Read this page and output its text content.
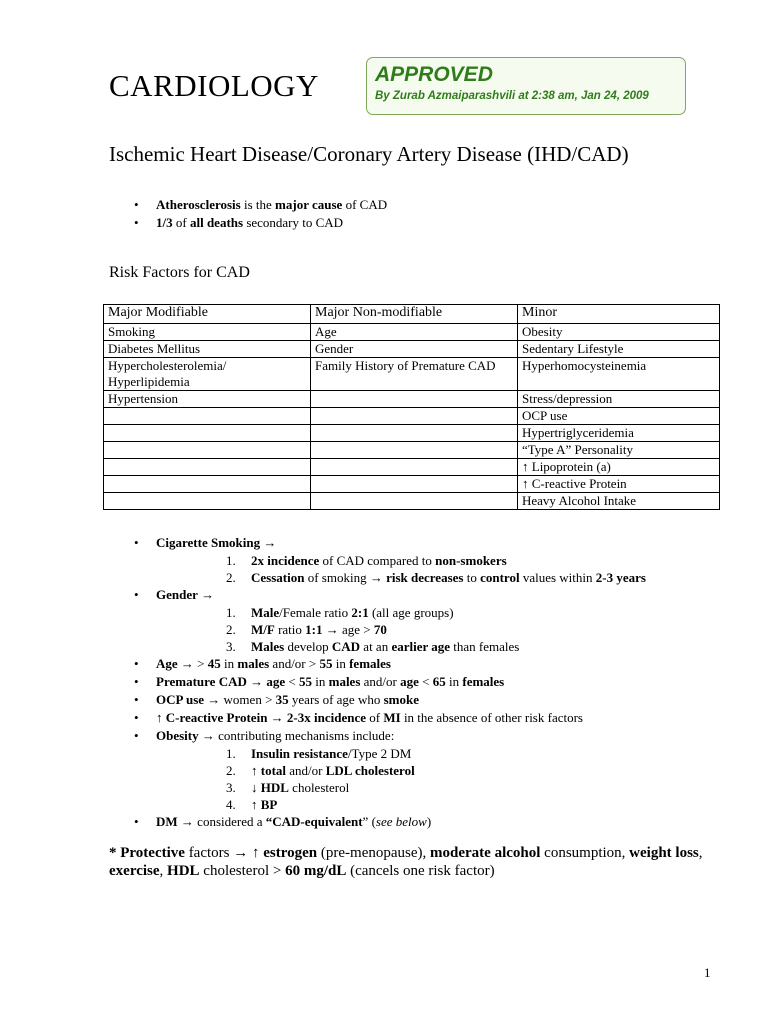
CARDIOLOGY	APPROVED
By Zurab Azmaiparashvili at 2:38 am, Jan 24, 2009
Ischemic Heart Disease/Coronary Artery Disease (IHD/CAD)
• Atherosclerosis is the major cause of CAD
• 1/3 of all deaths secondary to CAD
Risk Factors for CAD
Major Modifiable	Major Non-modifiable	Minor
Smoking	Age	Obesity
Diabetes Mellitus	Gender	Sedentary Lifestyle
Hypercholesterolemia/ Hyperlipidemia	Family History of Premature CAD	Hyperhomocysteinemia
Hypertension		Stress/depression
		OCP use
		Hypertriglyceridemia
		“Type A” Personality
		↑ Lipoprotein (a)
		↑ C-reactive Protein
		Heavy Alcohol Intake
• Cigarette Smoking →
1. 2x incidence of CAD compared to non-smokers
2. Cessation of smoking → risk decreases to control values within 2-3 years
• Gender →
1. Male/Female ratio 2:1 (all age groups)
2. M/F ratio 1:1 → age > 70
3. Males develop CAD at an earlier age than females
• Age → > 45 in males and/or > 55 in females
• Premature CAD → age < 55 in males and/or age < 65 in females
• OCP use → women > 35 years of age who smoke
• ↑ C-reactive Protein → 2-3x incidence of MI in the absence of other risk factors
• Obesity → contributing mechanisms include:
1. Insulin resistance/Type 2 DM
2. ↑ total and/or LDL cholesterol
3. ↓ HDL cholesterol
4. ↑ BP
• DM → considered a “CAD-equivalent” (see below)

* Protective factors → ↑ estrogen (pre-menopause), moderate alcohol consumption, weight loss, exercise, HDL cholesterol > 60 mg/dL (cancels one risk factor)

1
